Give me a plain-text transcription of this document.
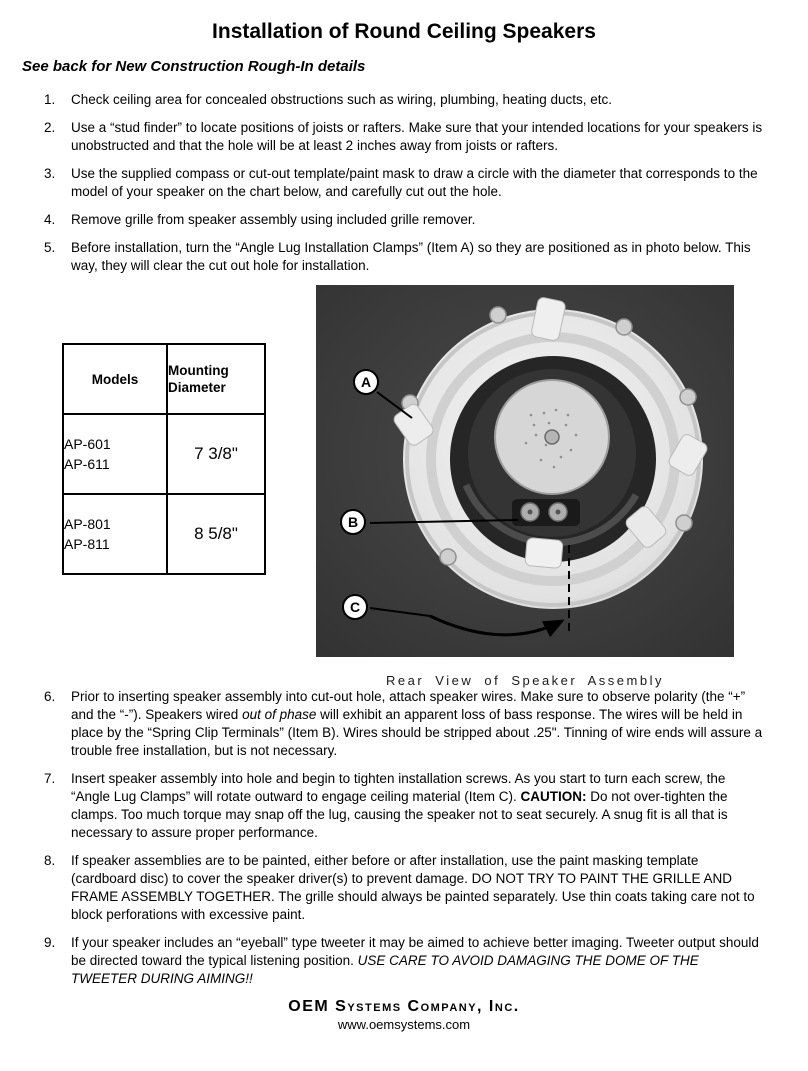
Installation of Round Ceiling Speakers
See back for New Construction Rough-In details
1.	Check ceiling area for concealed obstructions such as wiring, plumbing, heating ducts, etc.
2.	Use a “stud finder” to locate positions of joists or rafters. Make sure that your intended locations for your speakers is unobstructed and that the hole will be at least 2 inches away from joists or rafters.
3.	Use the supplied compass or cut-out template/paint mask to draw a circle with the diameter that corresponds to the model of your speaker on the chart below, and carefully cut out the hole.
4.	Remove grille from speaker assembly using included grille remover.
5.	Before installation, turn the “Angle Lug Installation Clamps” (Item A) so they are positioned as in photo below. This way, they will clear the cut out hole for installation.
Models	Mounting Diameter
AP-601
AP-611	7 3/8"
AP-801
AP-811	8 5/8"
A
B
C
Rear View of Speaker Assembly
6.	Prior to inserting speaker assembly into cut-out hole, attach speaker wires. Make sure to observe polarity (the “+” and the “-”). Speakers wired out of phase will exhibit an apparent loss of bass response. The wires will be held in place by the “Spring Clip Terminals” (Item B). Wires should be stripped about .25". Tinning of wire ends will assure a trouble free installation, but is not necessary.
7.	Insert speaker assembly into hole and begin to tighten installation screws. As you start to turn each screw, the “Angle Lug Clamps” will rotate outward to engage ceiling material (Item C). CAUTION: Do not over-tighten the clamps. Too much torque may snap off the lug, causing the speaker not to seat securely. A snug fit is all that is necessary to assure proper performance.
8.	If speaker assemblies are to be painted, either before or after installation, use the paint masking template (cardboard disc) to cover the speaker driver(s) to prevent damage. DO NOT TRY TO PAINT THE GRILLE AND FRAME ASSEMBLY TOGETHER. The grille should always be painted separately. Use thin coats taking care not to block perforations with excessive paint.
9.	If your speaker includes an “eyeball” type tweeter it may be aimed to achieve better imaging. Tweeter output should be directed toward the typical listening position. USE CARE TO AVOID DAMAGING THE DOME OF THE TWEETER DURING AIMING!!
OEM Systems Company, Inc.
www.oemsystems.com
